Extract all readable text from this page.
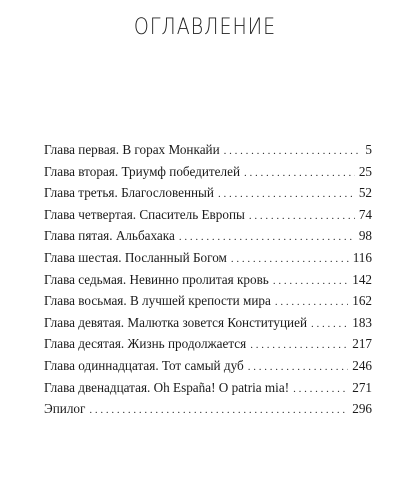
ОГЛАВЛЕНИЕ
Глава первая. В горах Монкайи . . .	5
Глава вторая. Триумф победителей . . .	25
Глава третья. Благословенный . . .	52
Глава четвертая. Спаситель Европы . . .	74
Глава пятая. Альбахака . . .	98
Глава шестая. Посланный Богом . . .	116
Глава седьмая. Невинно пролитая кровь . . .	142
Глава восьмая. В лучшей крепости мира . . .	162
Глава девятая. Малютка зовется Конституцией . . .	183
Глава десятая. Жизнь продолжается . . .	217
Глава одиннадцатая. Тот самый дуб . . .	246
Глава двенадцатая. Oh España! O patria mia! . . .	271
Эпилог . . .	296
